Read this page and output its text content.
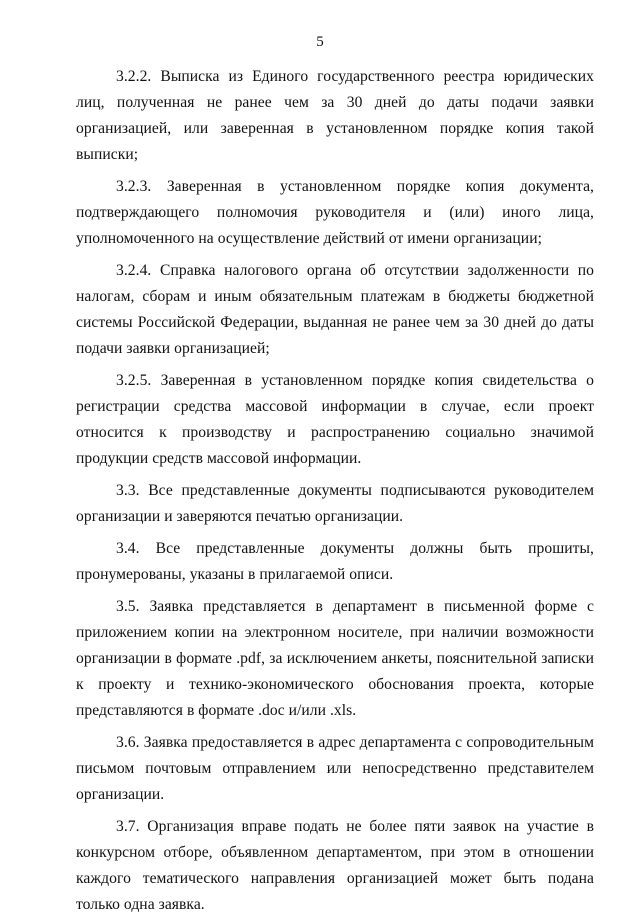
5

3.2.2. Выписка из Единого государственного реестра юридических лиц, полученная не ранее чем за 30 дней до даты подачи заявки организацией, или заверенная в установленном порядке копия такой выписки;

3.2.3. Заверенная в установленном порядке копия документа, подтверждающего полномочия руководителя и (или) иного лица, уполномоченного на осуществление действий от имени организации;

3.2.4. Справка налогового органа об отсутствии задолженности по налогам, сборам и иным обязательным платежам в бюджеты бюджетной системы Российской Федерации, выданная не ранее чем за 30 дней до даты подачи заявки организацией;

3.2.5. Заверенная в установленном порядке копия свидетельства о регистрации средства массовой информации в случае, если проект относится к производству и распространению социально значимой продукции средств массовой информации.

3.3. Все представленные документы подписываются руководителем организации и заверяются печатью организации.

3.4. Все представленные документы должны быть прошиты, пронумерованы, указаны в прилагаемой описи.

3.5. Заявка представляется в департамент в письменной форме с приложением копии на электронном носителе, при наличии возможности организации в формате .pdf, за исключением анкеты, пояснительной записки к проекту и технико-экономического обоснования проекта, которые представляются в формате .doc и/или .xls.

3.6. Заявка предоставляется в адрес департамента с сопроводительным письмом почтовым отправлением или непосредственно представителем организации.

3.7. Организация вправе подать не более пяти заявок на участие в конкурсном отборе, объявленном департаментом, при этом в отношении каждого тематического направления организацией может быть подана только одна заявка.
